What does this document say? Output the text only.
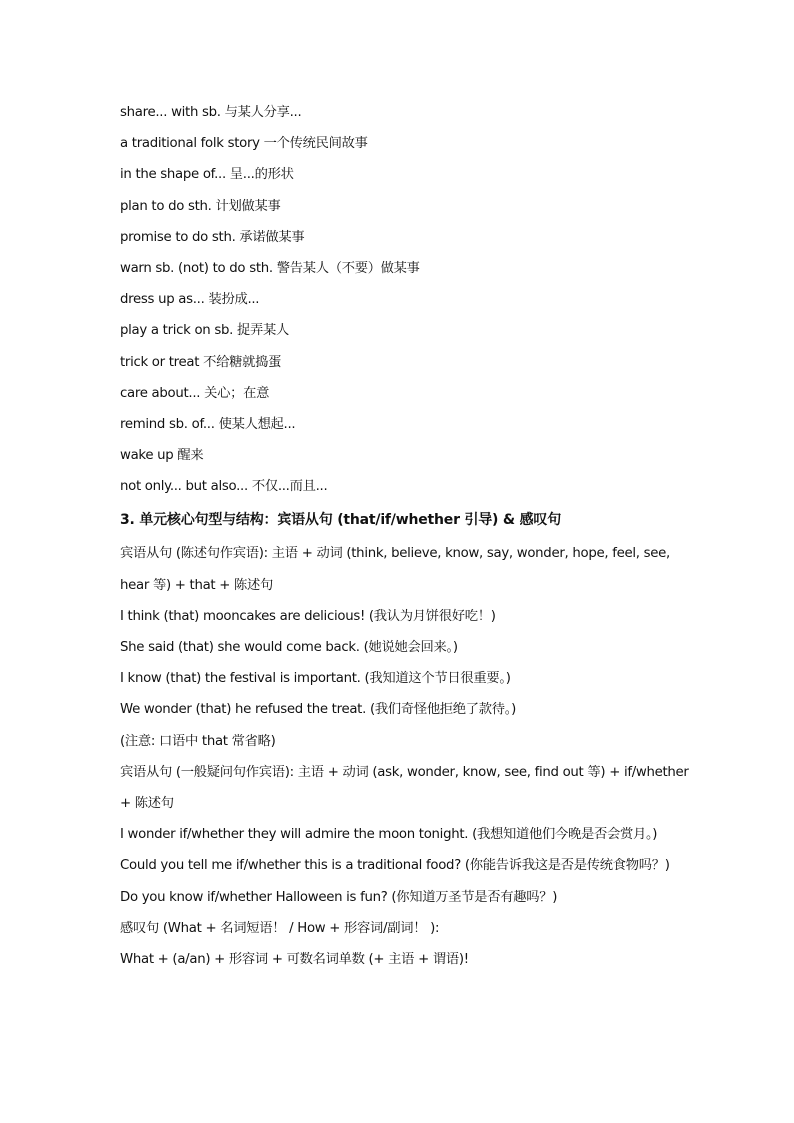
share... with sb. 与某人分享...
a traditional folk story 一个传统民间故事
in the shape of... 呈...的形状
plan to do sth. 计划做某事
promise to do sth. 承诺做某事
warn sb. (not) to do sth. 警告某人（不要）做某事
dress up as... 装扮成...
play a trick on sb. 捉弄某人
trick or treat 不给糖就捣蛋
care about... 关心；在意
remind sb. of... 使某人想起...
wake up 醒来
not only... but also... 不仅...而且...
3. 单元核心句型与结构：宾语从句 (that/if/whether 引导) & 感叹句
宾语从句 (陈述句作宾语): 主语 + 动词 (think, believe, know, say, wonder, hope, feel, see, hear 等) + that + 陈述句
I think (that) mooncakes are delicious! (我认为月饼很好吃！)
She said (that) she would come back. (她说她会回来。)
I know (that) the festival is important. (我知道这个节日很重要。)
We wonder (that) he refused the treat. (我们奇怪他拒绝了款待。)
(注意: 口语中 that 常省略)
宾语从句 (一般疑问句作宾语): 主语 + 动词 (ask, wonder, know, see, find out 等) + if/whether + 陈述句
I wonder if/whether they will admire the moon tonight. (我想知道他们今晚是否会赏月。)
Could you tell me if/whether this is a traditional food? (你能告诉我这是否是传统食物吗？)
Do you know if/whether Halloween is fun? (你知道万圣节是否有趣吗？)
感叹句 (What + 名词短语！ / How + 形容词/副词！ ):
What + (a/an) + 形容词 + 可数名词单数 (+ 主语 + 谓语)!
